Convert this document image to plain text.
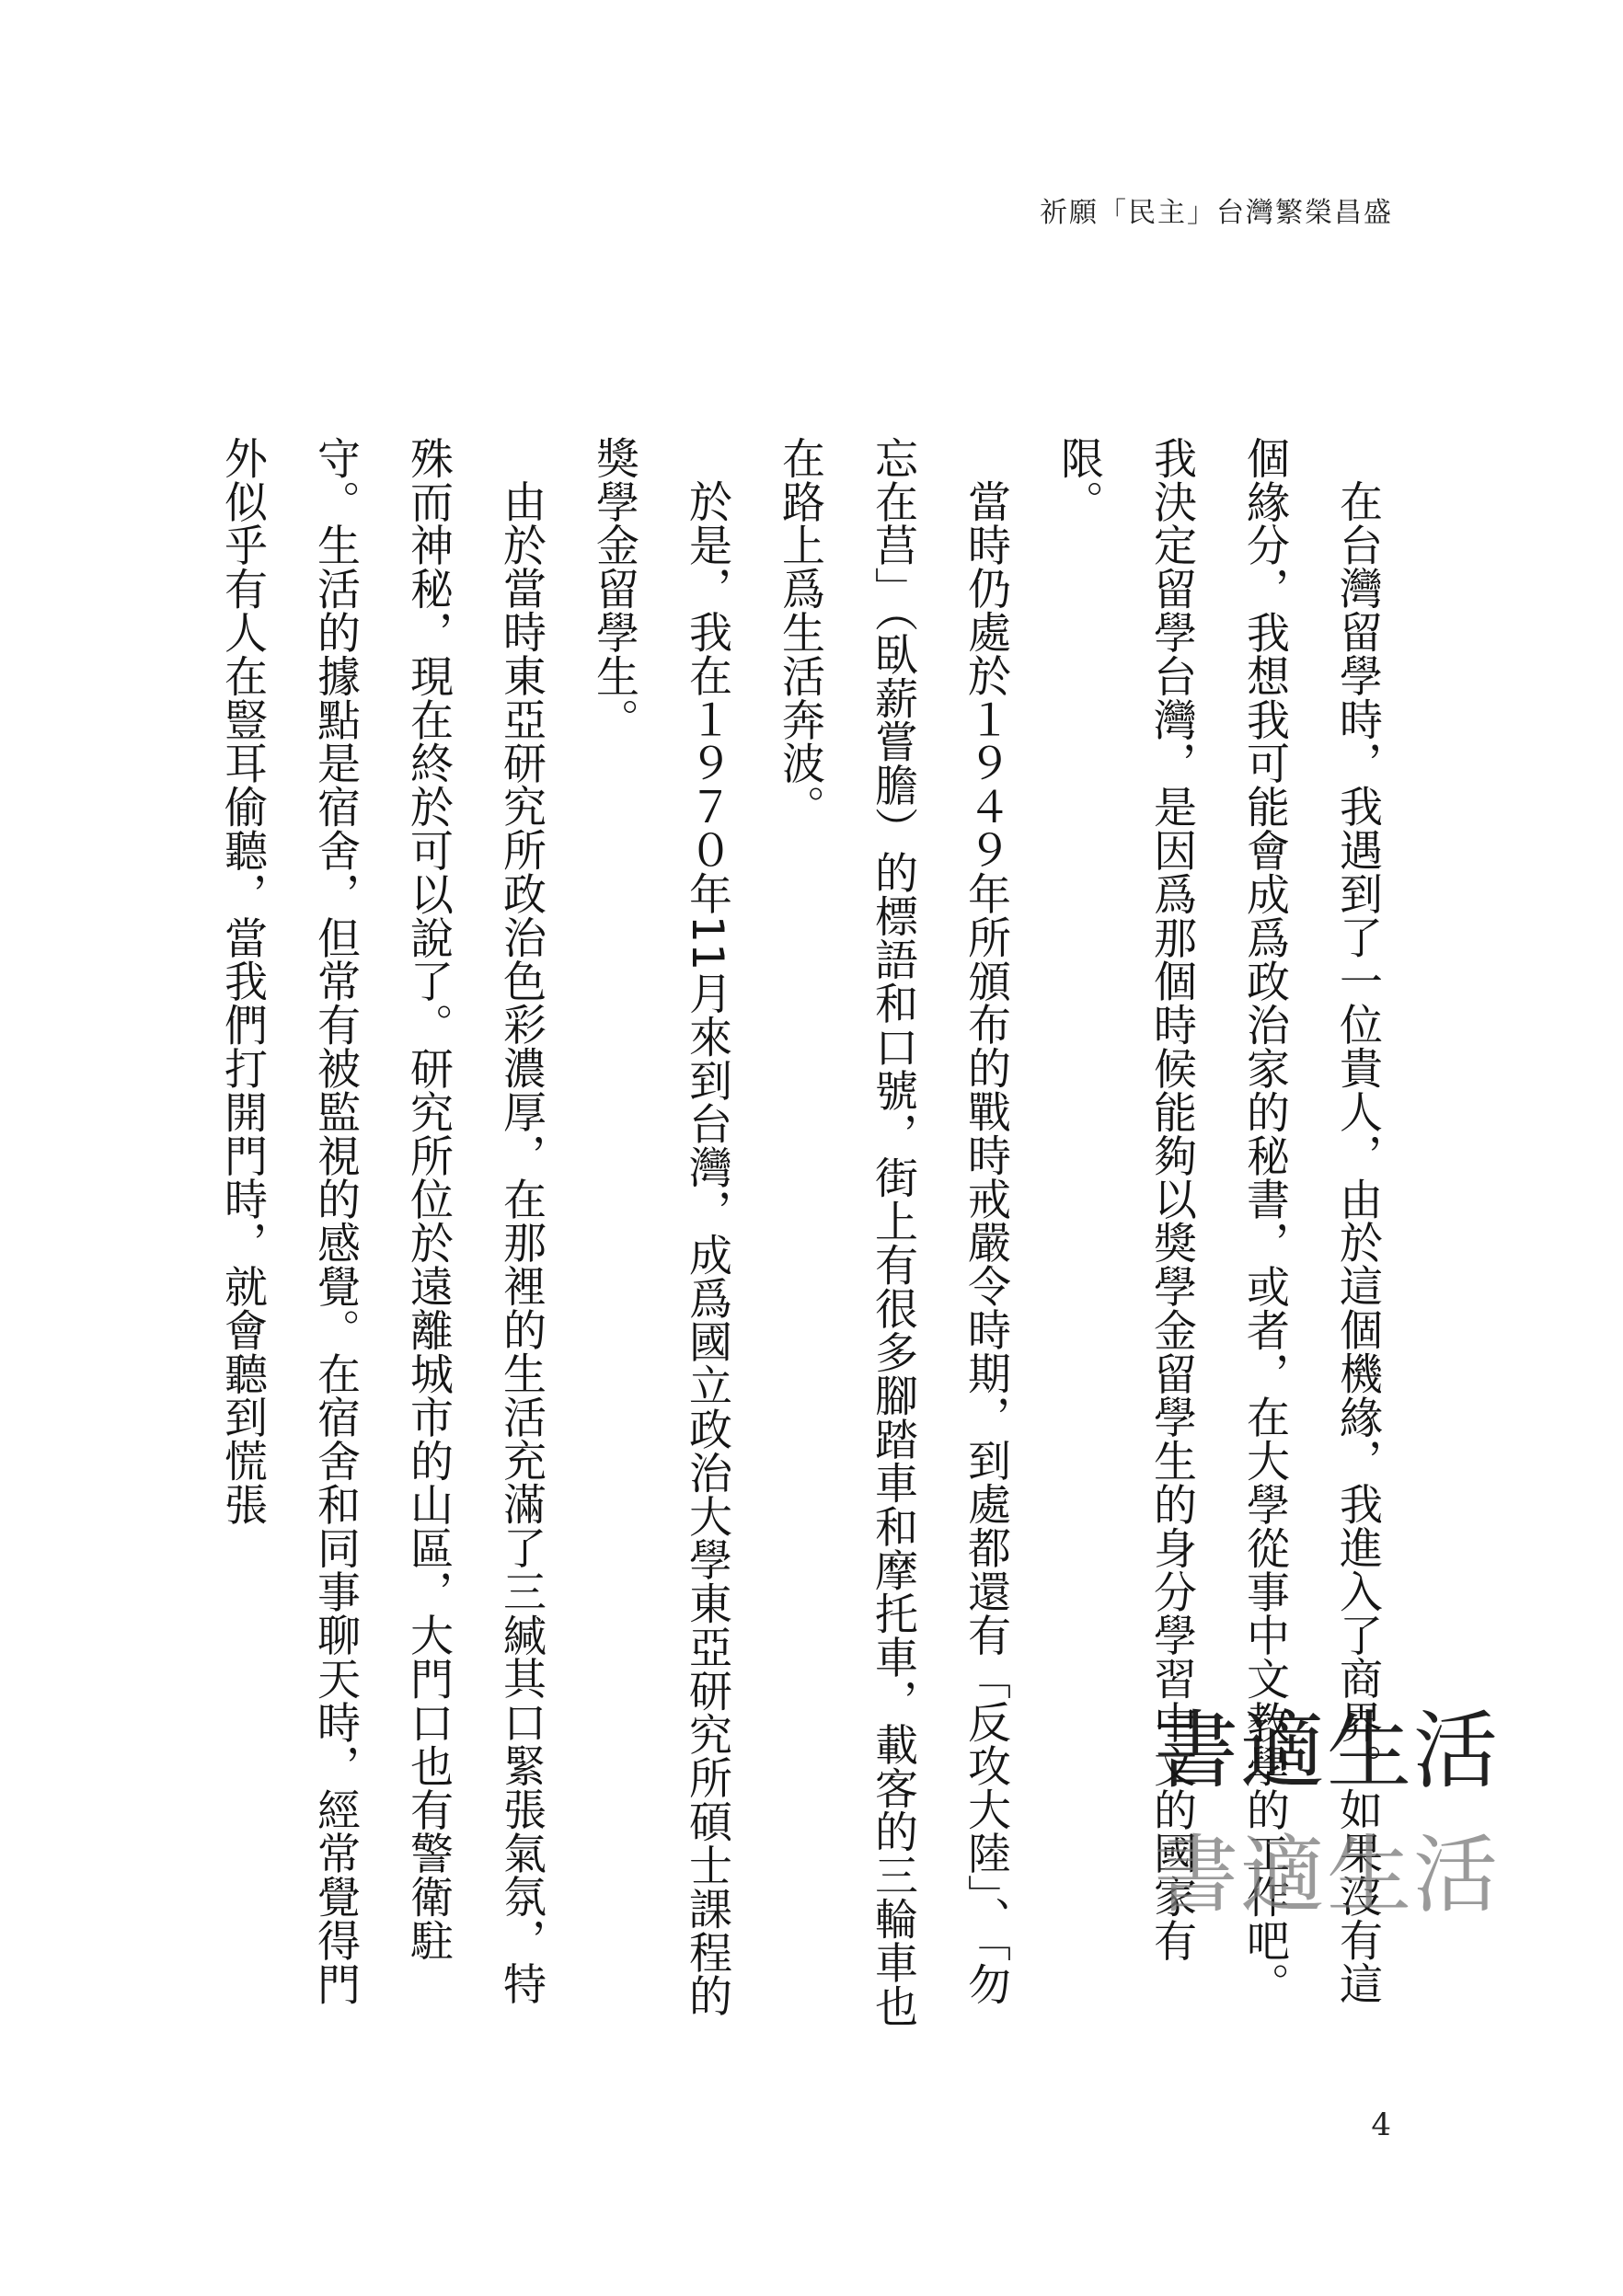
祈願「民主」台灣繁榮昌盛

在台灣留學時，我遇到了一位貴人，由於這個機緣，我進入了商界。如果沒有這個緣分，我想我可能會成爲政治家的秘書，或者，在大學從事中文教學的工作吧。我決定留學台灣，是因爲那個時候能夠以獎學金留學生的身分學習中文的國家有限。

當時仍處於１９４９年所頒布的戰時戒嚴令時期，到處都還有「反攻大陸」、「勿忘在莒」（臥薪嘗膽）的標語和口號，街上有很多腳踏車和摩托車，載客的三輪車也在路上爲生活奔波。

於是，我在１９７０年11月來到台灣，成爲國立政治大學東亞研究所碩士課程的獎學金留學生。

由於當時東亞研究所政治色彩濃厚，在那裡的生活充滿了三緘其口緊張氣氛，特殊而神秘，現在終於可以說了。研究所位於遠離城市的山區，大門口也有警衛駐守。生活的據點是宿舍，但常有被監視的感覺。在宿舍和同事聊天時，經常覺得門外似乎有人在豎耳偷聽，當我們打開門時，就會聽到慌張

書適生活
書適生活
4
